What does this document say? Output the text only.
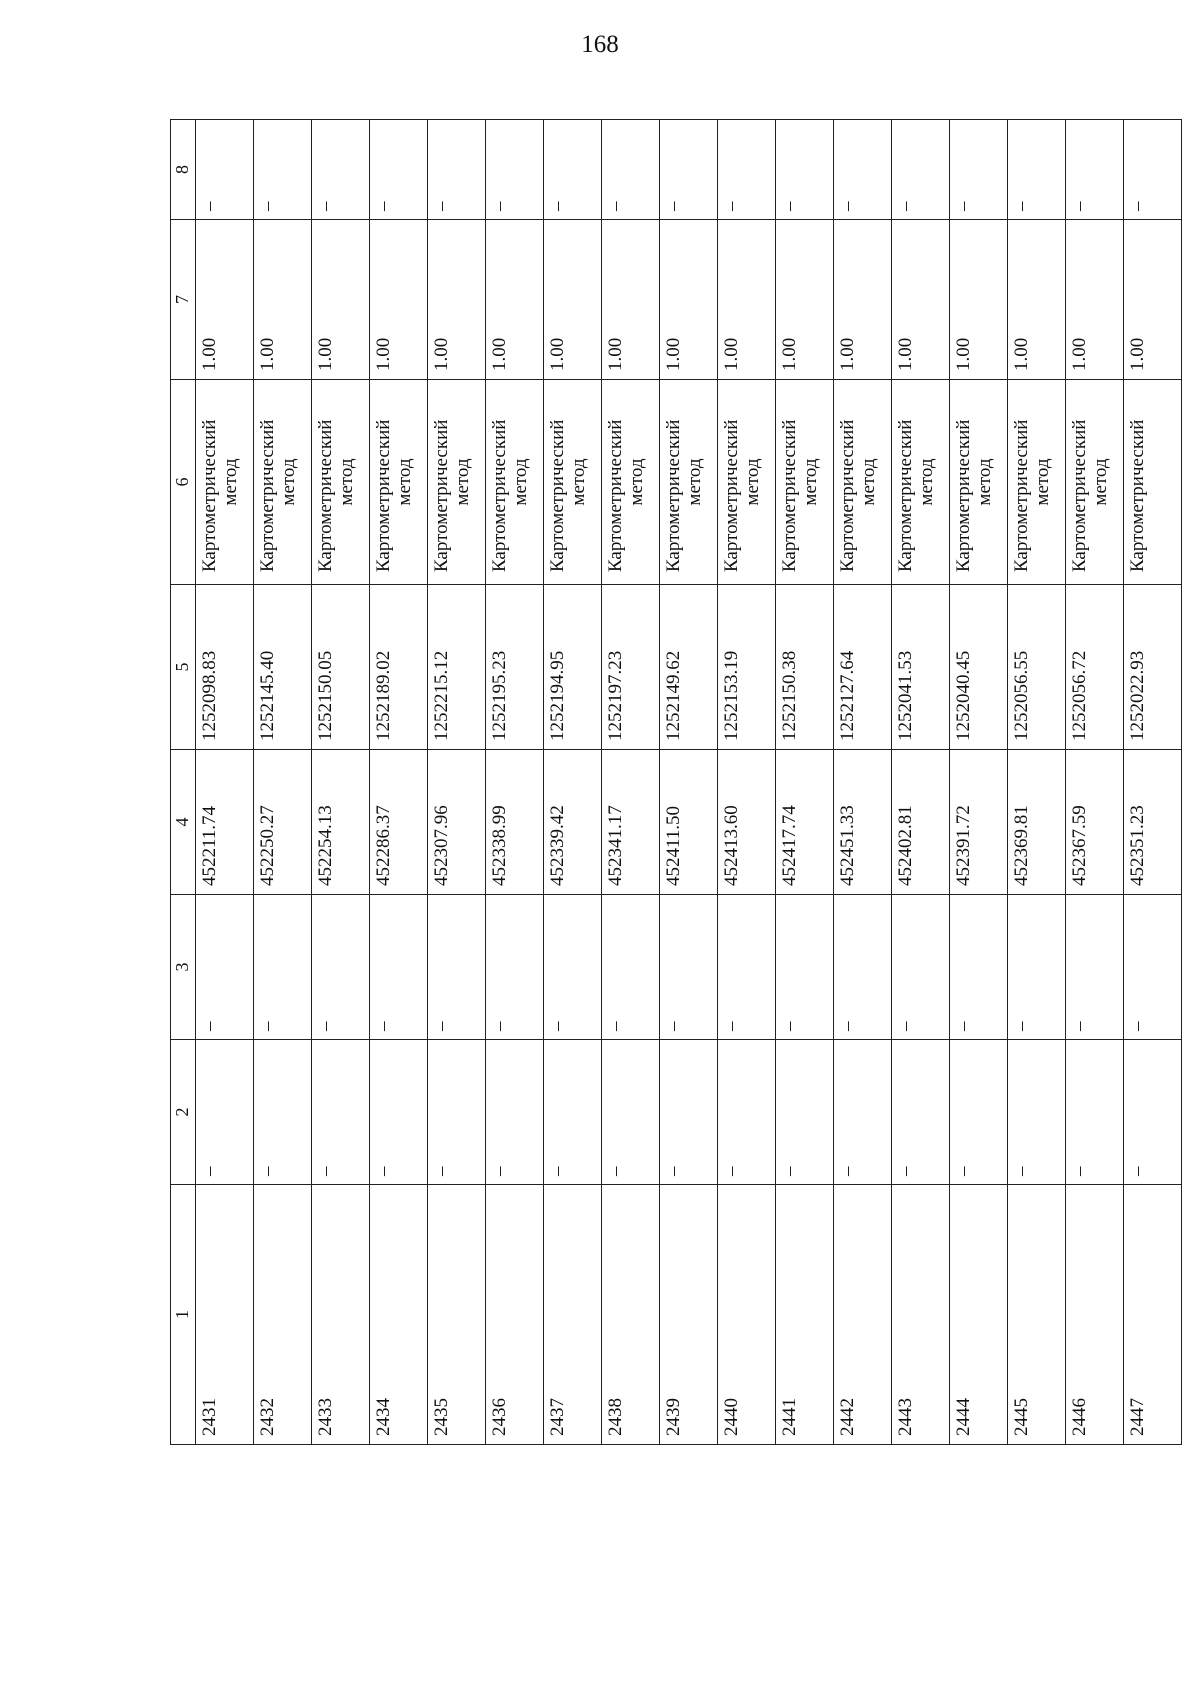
168
1	2	3	4	5	6	7	8
2431	–	–	452211.74	1252098.83	Картометрический метод	1.00	–
2432	–	–	452250.27	1252145.40	Картометрический метод	1.00	–
2433	–	–	452254.13	1252150.05	Картометрический метод	1.00	–
2434	–	–	452286.37	1252189.02	Картометрический метод	1.00	–
2435	–	–	452307.96	1252215.12	Картометрический метод	1.00	–
2436	–	–	452338.99	1252195.23	Картометрический метод	1.00	–
2437	–	–	452339.42	1252194.95	Картометрический метод	1.00	–
2438	–	–	452341.17	1252197.23	Картометрический метод	1.00	–
2439	–	–	452411.50	1252149.62	Картометрический метод	1.00	–
2440	–	–	452413.60	1252153.19	Картометрический метод	1.00	–
2441	–	–	452417.74	1252150.38	Картометрический метод	1.00	–
2442	–	–	452451.33	1252127.64	Картометрический метод	1.00	–
2443	–	–	452402.81	1252041.53	Картометрический метод	1.00	–
2444	–	–	452391.72	1252040.45	Картометрический метод	1.00	–
2445	–	–	452369.81	1252056.55	Картометрический метод	1.00	–
2446	–	–	452367.59	1252056.72	Картометрический метод	1.00	–
2447	–	–	452351.23	1252022.93	Картометрический	1.00	–
